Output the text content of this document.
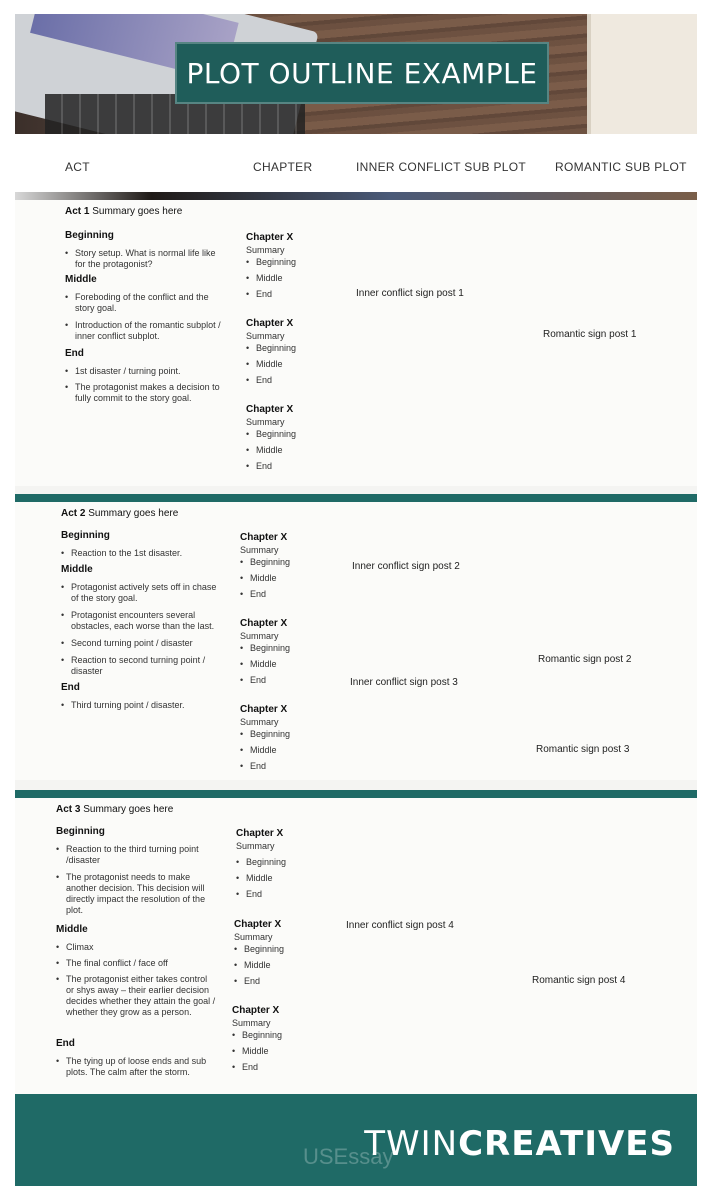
PLOT OUTLINE EXAMPLE
ACT	CHAPTER	INNER CONFLICT SUB PLOT ROMANTIC SUB PLOT
Act 1 Summary goes here
Beginning
• Story setup. What is normal life like for the protagonist?
Middle
• Foreboding of the conflict and the story goal.
• Introduction of the romantic subplot / inner conflict subplot.
End
• 1st disaster / turning point.
• The protagonist makes a decision to fully commit to the story goal.
Chapter X
Summary
• Beginning
• Middle
• End
Chapter X
Summary
• Beginning
• Middle
• End
Chapter X
Summary
• Beginning
• Middle
• End
Inner conflict sign post 1
Romantic sign post 1
Act 2 Summary goes here
Beginning
• Reaction to the 1st disaster.
Middle
• Protagonist actively sets off in chase of the story goal.
• Protagonist encounters several obstacles, each worse than the last.
• Second turning point / disaster
• Reaction to second turning point / disaster
End
• Third turning point / disaster.
Chapter X
Summary
• Beginning
• Middle
• End
Chapter X
Summary
• Beginning
• Middle
• End
Chapter X
Summary
• Beginning
• Middle
• End
Inner conflict sign post 2
Inner conflict sign post 3
Romantic sign post 2
Romantic sign post 3
Act 3 Summary goes here
Beginning
• Reaction to the third turning point /disaster
• The protagonist needs to make another decision. This decision will directly impact the resolution of the plot.
Middle
• Climax
• The final conflict / face off
• The protagonist either takes control or shys away – their earlier decision decides whether they attain the goal / whether they grow as a person.
End
• The tying up of loose ends and sub plots. The calm after the storm.
Chapter X
Summary
• Beginning
• Middle
• End
Chapter X
Summary
• Beginning
• Middle
• End
Chapter X
Summary
• Beginning
• Middle
• End
Inner conflict sign post 4
Romantic sign post 4
USEssay
TWINCREATIVES
